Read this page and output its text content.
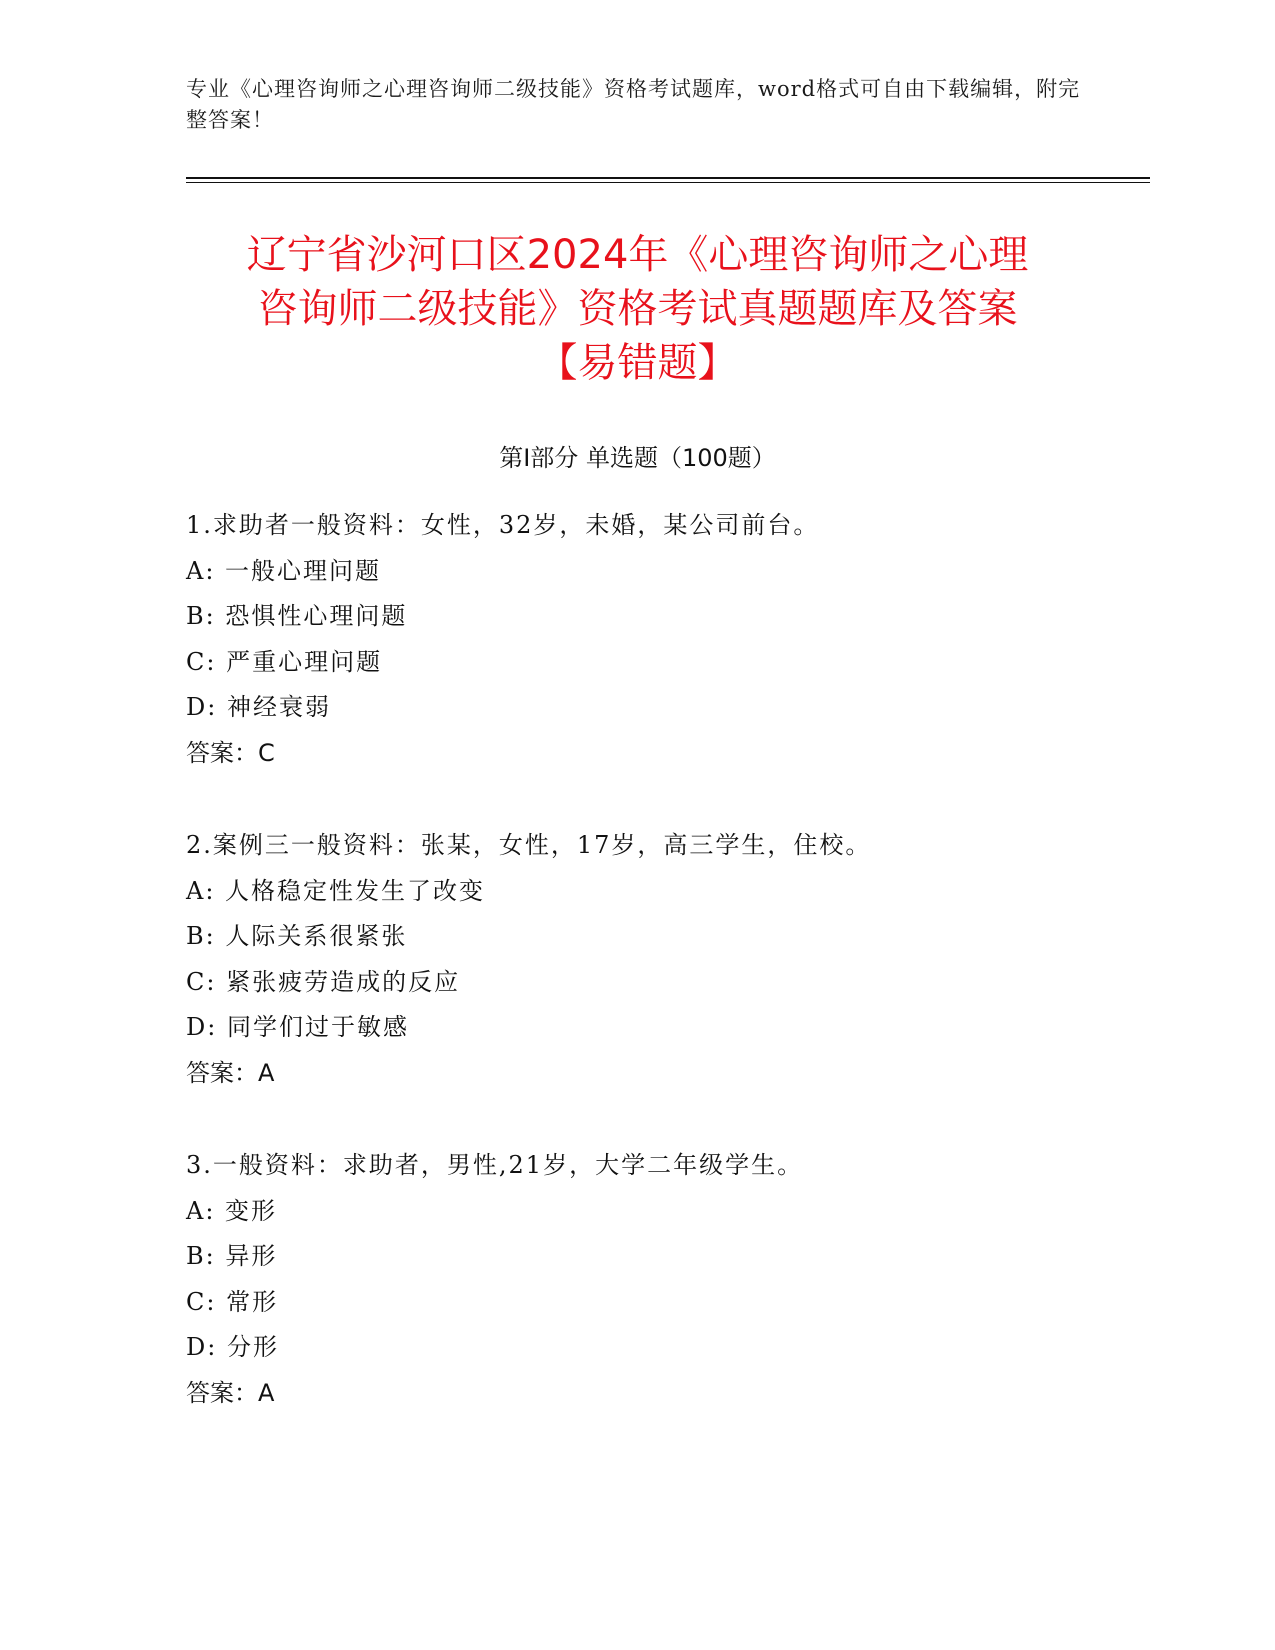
专业《心理咨询师之心理咨询师二级技能》资格考试题库，word格式可自由下载编辑，附完整答案！
辽宁省沙河口区2024年《心理咨询师之心理
咨询师二级技能》资格考试真题题库及答案
【易错题】
第Ⅰ部分 单选题（100题）
1.求助者一般资料：女性，32岁，未婚，某公司前台。
A: 一般心理问题
B: 恐惧性心理问题
C: 严重心理问题
D: 神经衰弱
答案：C
2.案例三一般资料：张某，女性，17岁，高三学生，住校。
A: 人格稳定性发生了改变
B: 人际关系很紧张
C: 紧张疲劳造成的反应
D: 同学们过于敏感
答案：A
3.一般资料：求助者，男性,21岁，大学二年级学生。
A: 变形
B: 异形
C: 常形
D: 分形
答案：A
